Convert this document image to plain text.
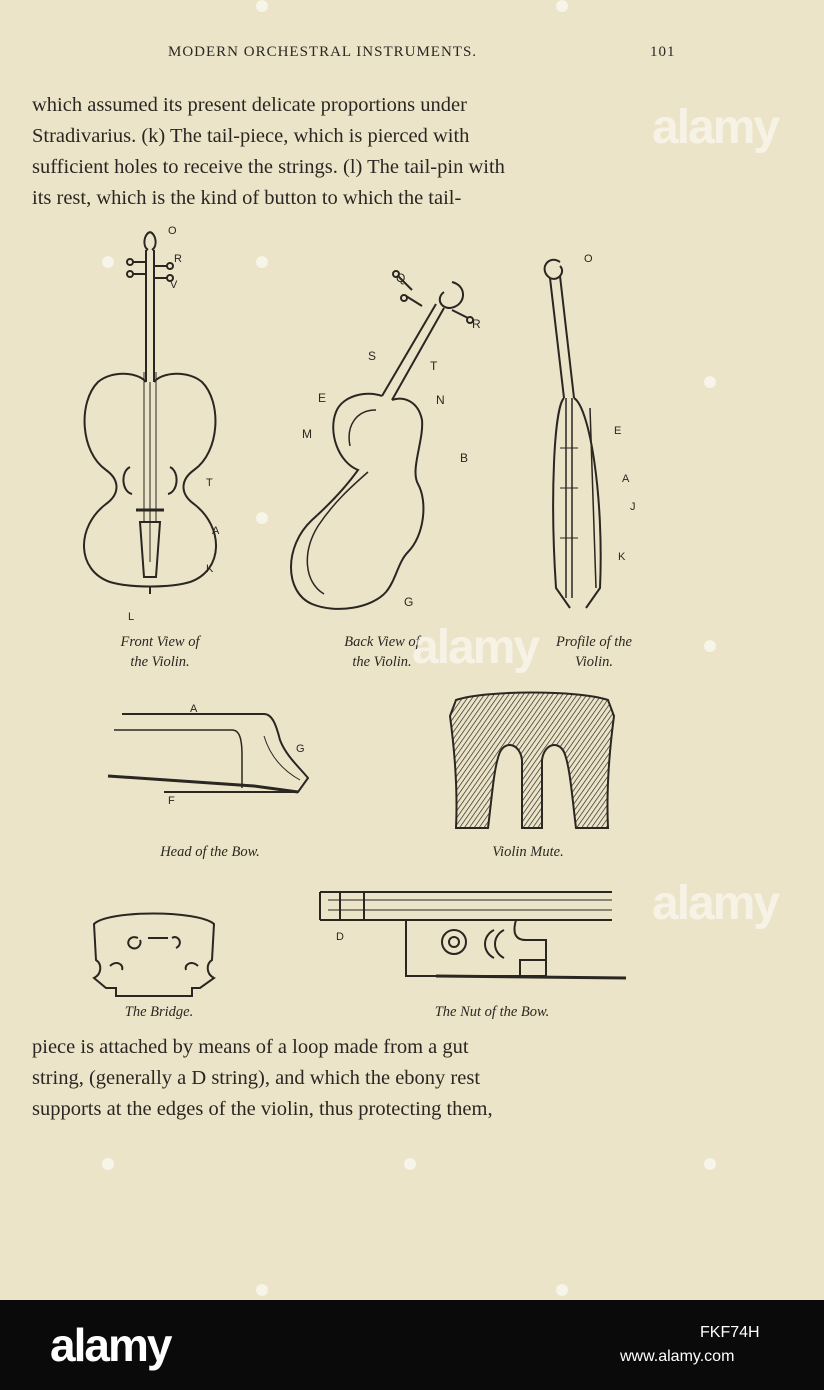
MODERN ORCHESTRAL INSTRUMENTS.	101
which assumed its present delicate proportions under
Stradivarius. (k) The tail-piece, which is pierced with
sufficient holes to receive the strings. (l) The tail-pin with
its rest, which is the kind of button to which the tail-
O
R
V
T
A
K
L
Front View of
the Violin.
Q
R
S
T
E	N
M
B
G
Back View of
the Violin.
O
E
A
J
K
Profile of the
Violin.
A
G
F
Head of the Bow.	Violin Mute.
The Bridge.
D
The Nut of the Bow.
piece is attached by means of a loop made from a gut
string, (generally a D string), and which the ebony rest
supports at the edges of the violin, thus protecting them,
alamy
alamy
alamy
alamy	FKF74H
www.alamy.com
